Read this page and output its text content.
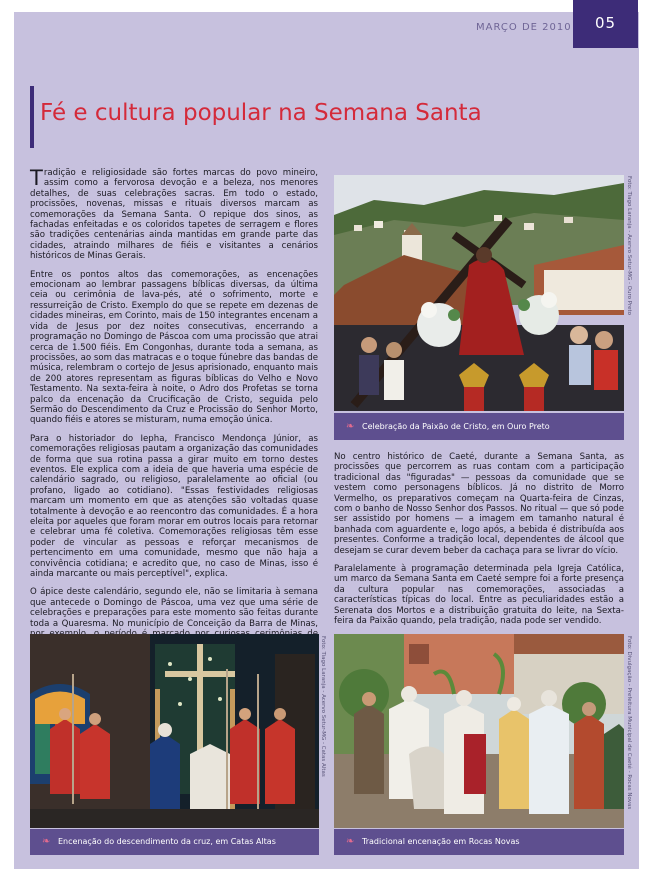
MARÇO DE 2010	05
Fé e cultura popular na Semana Santa

Tradição e religiosidade são fortes marcas do povo mineiro, assim como a fervorosa devoção e a beleza, nos menores detalhes, de suas celebrações sacras. Em todo o estado, procissões, novenas, missas e rituais diversos marcam as comemorações da Semana Santa. O repique dos sinos, as fachadas enfeitadas e os coloridos tapetes de serragem e flores são tradições centenárias ainda mantidas em grande parte das cidades, atraindo milhares de fiéis e visitantes a cenários históricos de Minas Gerais.

Entre os pontos altos das comemorações, as encenações emocionam ao lembrar passagens bíblicas diversas, da última ceia ou cerimônia de lava-pés, até o sofrimento, morte e ressurreição de Cristo. Exemplo do que se repete em dezenas de cidades mineiras, em Corinto, mais de 150 integrantes encenam a vida de Jesus por dez noites consecutivas, encerrando a programação no Domingo de Páscoa com uma procissão que atrai cerca de 1.500 fiéis. Em Congonhas, durante toda a semana, as procissões, ao som das matracas e o toque fúnebre das bandas de música, relembram o cortejo de Jesus aprisionado, enquanto mais de 200 atores representam as figuras bíblicas do Velho e Novo Testamento. Na sexta-feira à noite, o Adro dos Profetas se torna palco da encenação da Crucificação de Cristo, seguida pelo Sermão do Descendimento da Cruz e Procissão do Senhor Morto, quando fiéis e atores se misturam, numa emoção única.

Para o historiador do Iepha, Francisco Mendonça Júnior, as comemorações religiosas pautam a organização das comunidades de forma que sua rotina passa a girar muito em torno destes eventos. Ele explica com a ideia de que haveria uma espécie de calendário sagrado, ou religioso, paralelamente ao oficial (ou profano, ligado ao cotidiano). "Essas festividades religiosas marcam um momento em que as atenções são voltadas quase totalmente à devoção e ao reencontro das comunidades. É a hora eleita por aqueles que foram morar em outros locais para retornar e celebrar uma fé coletiva. Comemorações religiosas têm esse poder de vincular as pessoas e reforçar mecanismos de pertencimento em uma comunidade, mesmo que não haja a convivência cotidiana; e acredito que, no caso de Minas, isso é ainda marcante ou mais perceptível", explica.

O ápice deste calendário, segundo ele, não se limitaria à semana que antecede o Domingo de Páscoa, uma vez que uma série de celebrações e preparações para este momento são feitas durante toda a Quaresma. No município de Conceição da Barra de Minas,

Foto: Tiago Laranja - Acervo Setur-MG - Ouro Preto
❧ Celebração da Paixão de Cristo, em Ouro Preto

No centro histórico de Caeté, durante a Semana Santa, as procissões que percorrem as ruas contam com a participação tradicional das "figuradas" — pessoas da comunidade que se vestem como personagens bíblicos. Já no distrito de Morro Vermelho, os preparativos começam na Quarta-feira de Cinzas, com o banho de Nosso Senhor dos Passos. No ritual — que só pode ser assistido por homens — a imagem em tamanho natural é banhada com aguardente e, logo após, a bebida é distribuída aos presentes. Conforme a tradição local, dependentes de álcool que desejam se curar devem beber da cachaça para se livrar do vício.

Paralelamente à programação determinada pela Igreja Católica, um marco da Semana Santa em Caeté sempre foi a forte presença da cultura popular nas comemorações, associadas a características típicas do local. Entre as peculiaridades estão a Serenata dos Mortos e a distribuição gratuita do leite, na Sexta-feira da Paixão quando, pela tradição, nada pode ser vendido.

Foto: Tiago Laranja - Acervo Setur-MG - Catas Altas
❧ Encenação do descendimento da cruz, em Catas Altas
Foto: Divulgação - Prefeitura Municipal de Caeté - Rocas Novas
❧ Tradicional encenação em Rocas Novas
